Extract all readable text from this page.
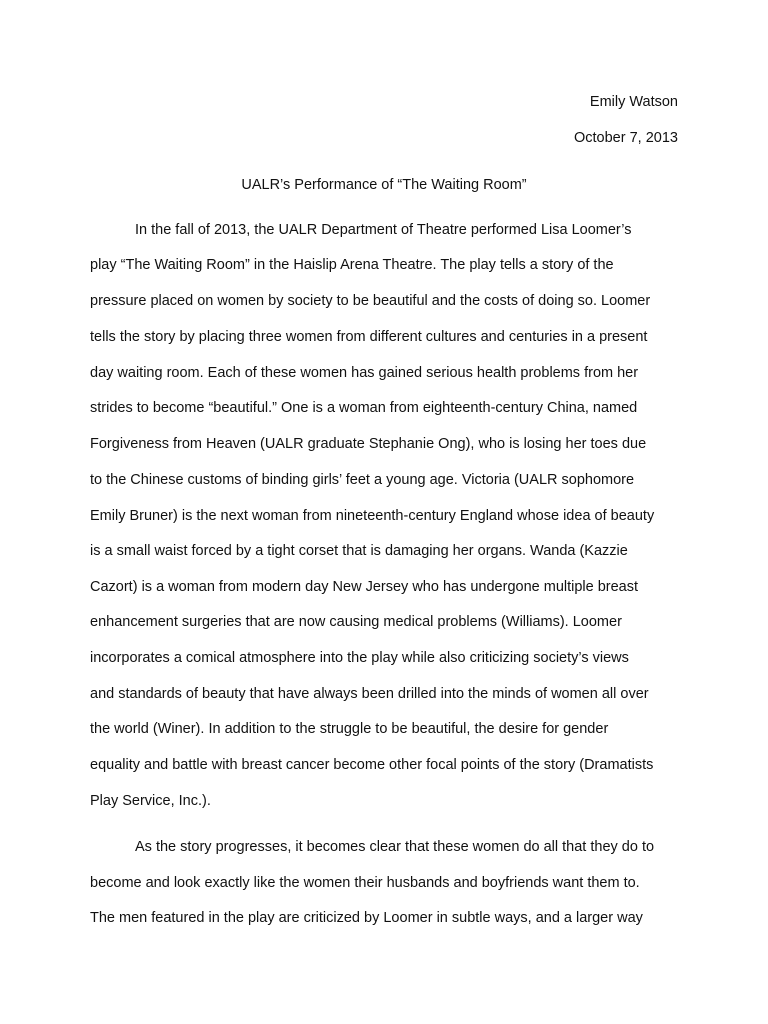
Emily Watson
October 7, 2013
UALR’s Performance of “The Waiting Room”
In the fall of 2013, the UALR Department of Theatre performed Lisa Loomer’s
play “The Waiting Room” in the Haislip Arena Theatre. The play tells a story of the
pressure placed on women by society to be beautiful and the costs of doing so. Loomer
tells the story by placing three women from different cultures and centuries in a present
day waiting room. Each of these women has gained serious health problems from her
strides to become “beautiful.” One is a woman from eighteenth-century China, named
Forgiveness from Heaven (UALR graduate Stephanie Ong), who is losing her toes due
to the Chinese customs of binding girls’ feet a young age. Victoria (UALR sophomore
Emily Bruner) is the next woman from nineteenth-century England whose idea of beauty
is a small waist forced by a tight corset that is damaging her organs. Wanda (Kazzie
Cazort) is a woman from modern day New Jersey who has undergone multiple breast
enhancement surgeries that are now causing medical problems (Williams). Loomer
incorporates a comical atmosphere into the play while also criticizing society’s views
and standards of beauty that have always been drilled into the minds of women all over
the world (Winer). In addition to the struggle to be beautiful, the desire for gender
equality and battle with breast cancer become other focal points of the story (Dramatists
Play Service, Inc.).
As the story progresses, it becomes clear that these women do all that they do to
become and look exactly like the women their husbands and boyfriends want them to.
The men featured in the play are criticized by Loomer in subtle ways, and a larger way
